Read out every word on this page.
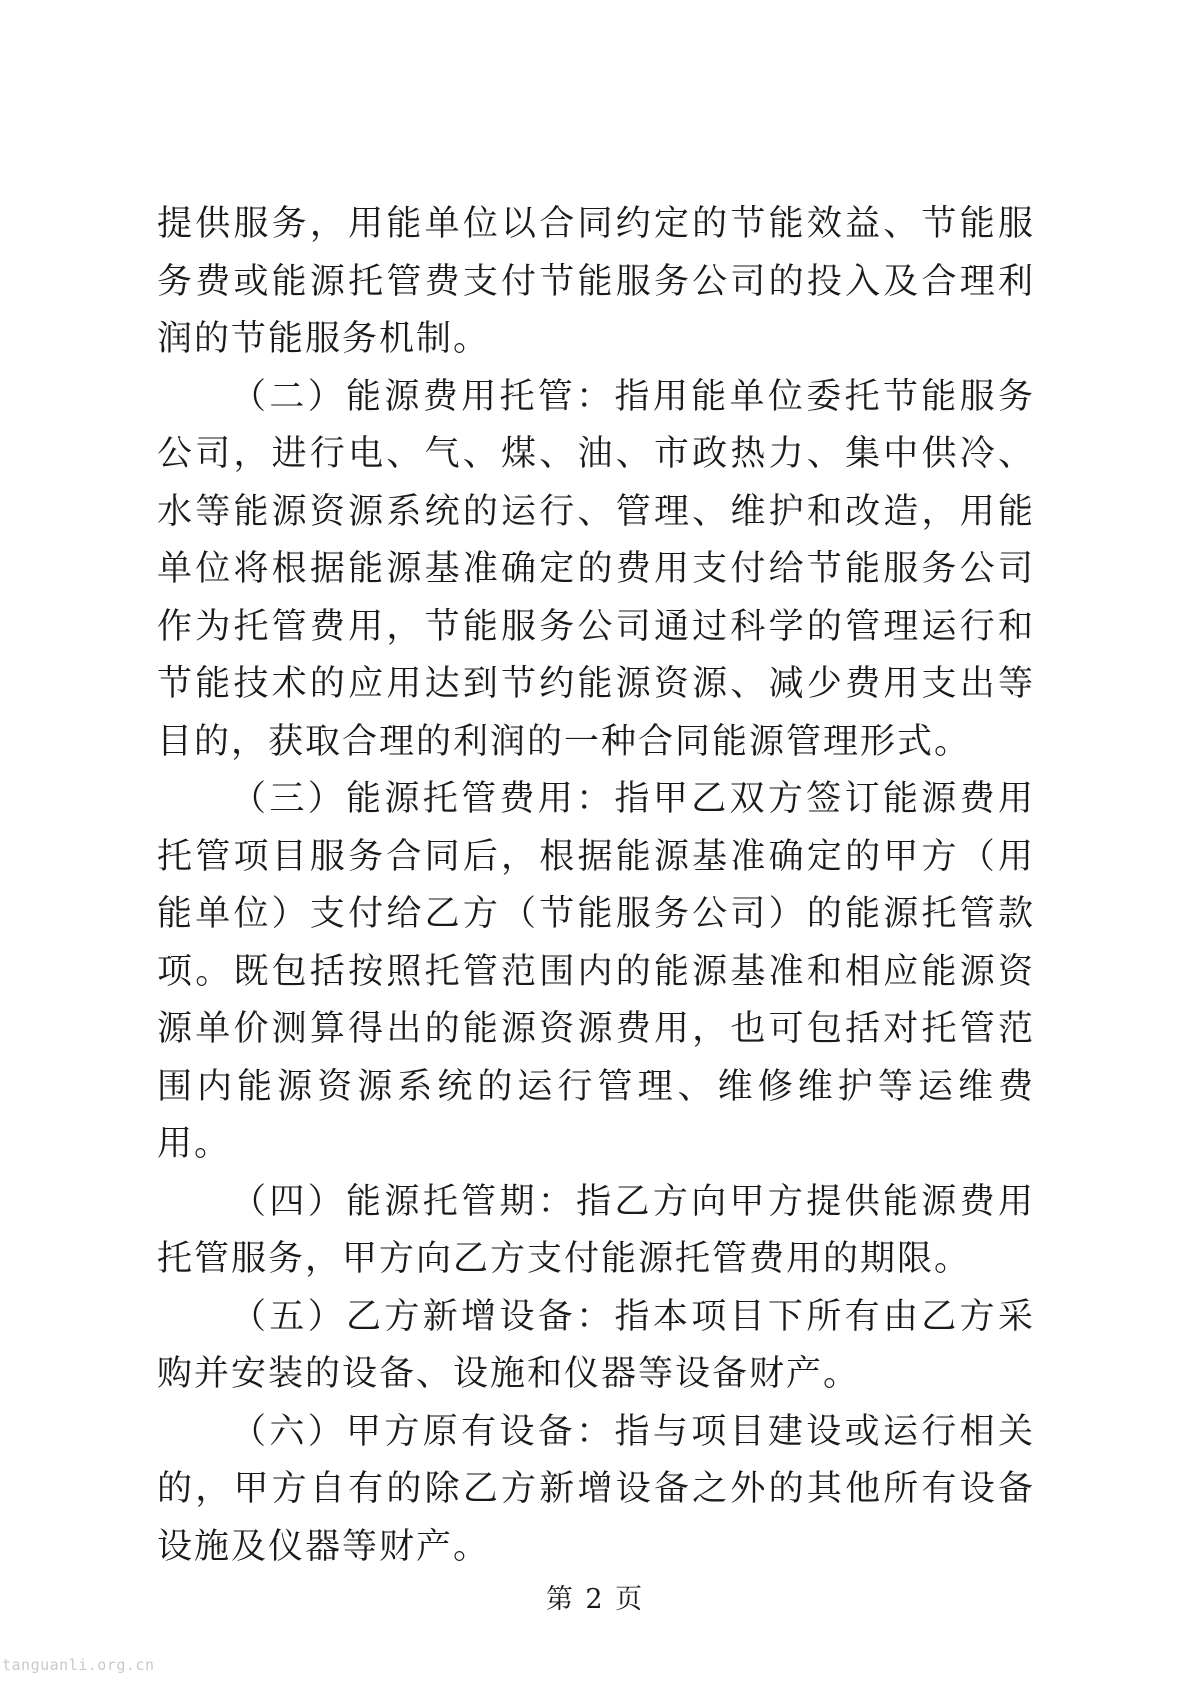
提供服务，用能单位以合同约定的节能效益、节能服务费或能源托管费支付节能服务公司的投入及合理利润的节能服务机制。

（二）能源费用托管：指用能单位委托节能服务公司，进行电、气、煤、油、市政热力、集中供冷、水等能源资源系统的运行、管理、维护和改造，用能单位将根据能源基准确定的费用支付给节能服务公司作为托管费用，节能服务公司通过科学的管理运行和节能技术的应用达到节约能源资源、减少费用支出等目的，获取合理的利润的一种合同能源管理形式。

（三）能源托管费用：指甲乙双方签订能源费用托管项目服务合同后，根据能源基准确定的甲方（用能单位）支付给乙方（节能服务公司）的能源托管款项。既包括按照托管范围内的能源基准和相应能源资源单价测算得出的能源资源费用，也可包括对托管范围内能源资源系统的运行管理、维修维护等运维费用。

（四）能源托管期：指乙方向甲方提供能源费用托管服务，甲方向乙方支付能源托管费用的期限。

（五）乙方新增设备：指本项目下所有由乙方采购并安装的设备、设施和仪器等设备财产。

（六）甲方原有设备：指与项目建设或运行相关的，甲方自有的除乙方新增设备之外的其他所有设备设施及仪器等财产。

第 2 页
tanguanli.org.cn
